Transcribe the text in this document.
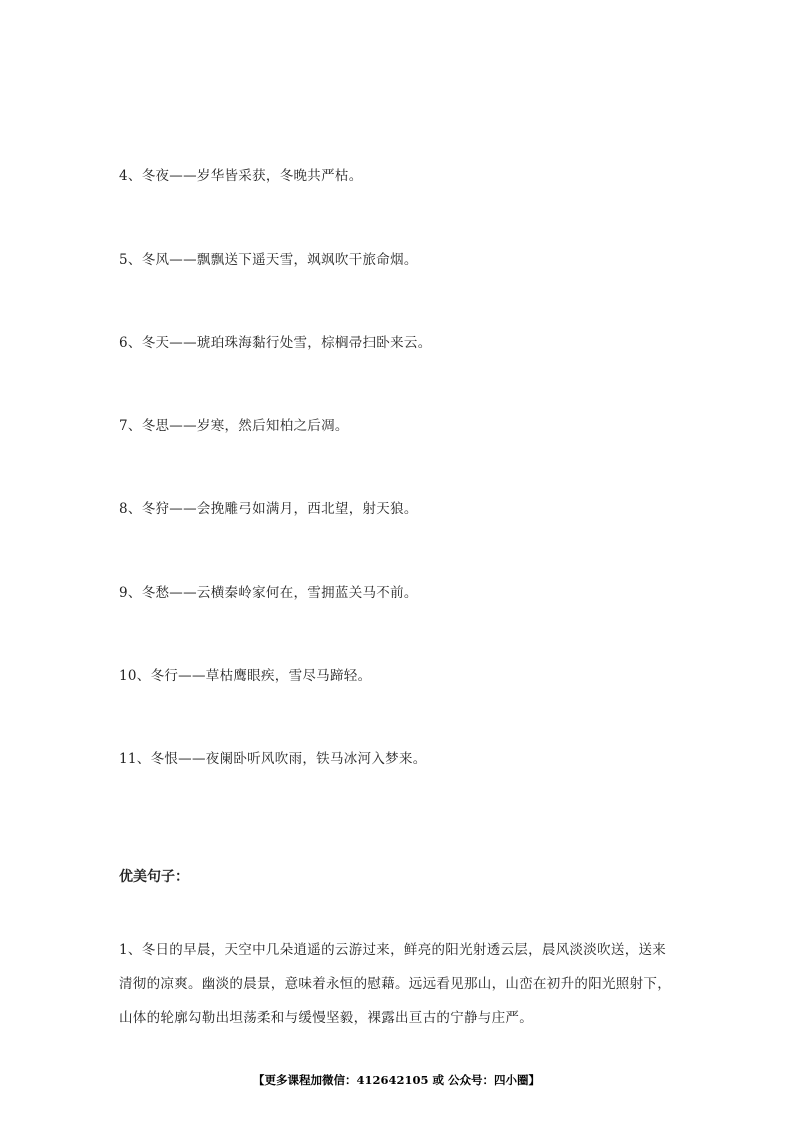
4、冬夜——岁华皆采获，冬晚共严枯。
5、冬风——飘飘送下遥天雪，飒飒吹干旅命烟。
6、冬天——琥珀珠海黏行处雪，棕榈帚扫卧来云。
7、冬思——岁寒，然后知柏之后凋。
8、冬狩——会挽雕弓如满月，西北望，射天狼。
9、冬愁——云横秦岭家何在，雪拥蓝关马不前。
10、冬行——草枯鹰眼疾，雪尽马蹄轻。
11、冬恨——夜阑卧听风吹雨，铁马冰河入梦来。
优美句子：
1、冬日的早晨，天空中几朵逍遥的云游过来，鲜亮的阳光射透云层，晨风淡淡吹送，送来
清彻的凉爽。幽淡的晨景，意味着永恒的慰藉。远远看见那山，山峦在初升的阳光照射下，
山体的轮廓勾勒出坦荡柔和与缓慢坚毅，裸露出亘古的宁静与庄严。
【更多课程加微信：412642105 或 公众号：四小圈】
